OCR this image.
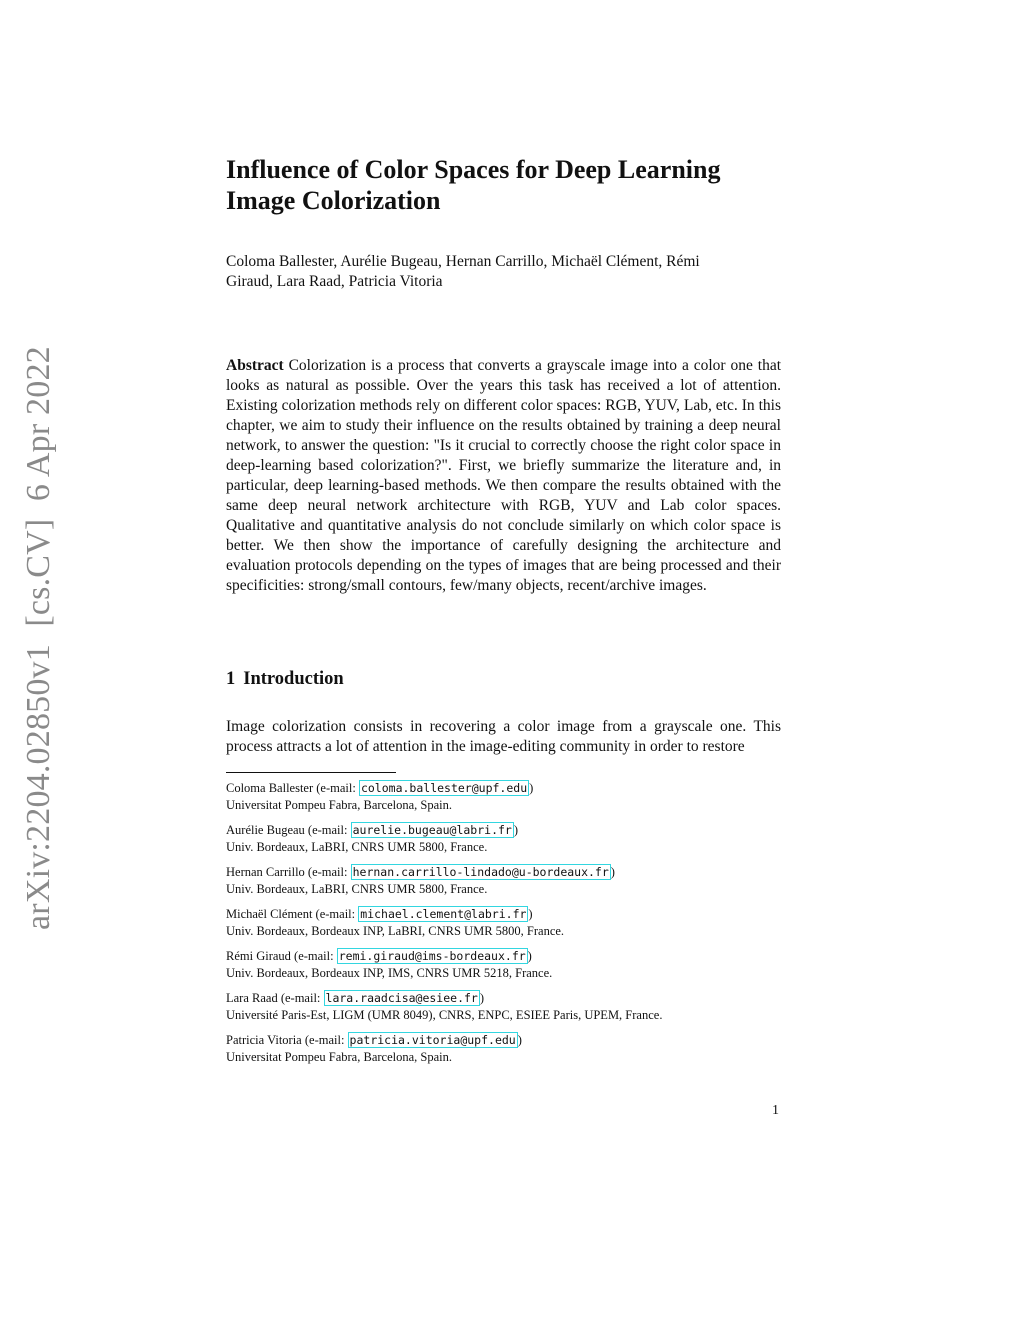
arXiv:2204.02850v1  [cs.CV]  6 Apr 2022
Influence of Color Spaces for Deep Learning
Image Colorization
Coloma Ballester, Aurélie Bugeau, Hernan Carrillo, Michaël Clément, Rémi
Giraud, Lara Raad, Patricia Vitoria
Abstract Colorization is a process that converts a grayscale image into a color one that looks as natural as possible. Over the years this task has received a lot of attention. Existing colorization methods rely on different color spaces: RGB, YUV, Lab, etc. In this chapter, we aim to study their influence on the results obtained by training a deep neural network, to answer the question: "Is it crucial to correctly choose the right color space in deep-learning based colorization?". First, we briefly summarize the literature and, in particular, deep learning-based methods. We then compare the results obtained with the same deep neural network architecture with RGB, YUV and Lab color spaces. Qualitative and quantitative analysis do not conclude similarly on which color space is better. We then show the importance of carefully designing the architecture and evaluation protocols depending on the types of images that are being processed and their specificities: strong/small contours, few/many objects, recent/archive images.
1 Introduction
Image colorization consists in recovering a color image from a grayscale one. This process attracts a lot of attention in the image-editing community in order to restore
Coloma Ballester (e-mail: coloma.ballester@upf.edu )
Universitat Pompeu Fabra, Barcelona, Spain.
Aurélie Bugeau (e-mail: aurelie.bugeau@labri.fr )
Univ. Bordeaux, LaBRI, CNRS UMR 5800, France.
Hernan Carrillo (e-mail: hernan.carrillo-lindado@u-bordeaux.fr )
Univ. Bordeaux, LaBRI, CNRS UMR 5800, France.
Michaël Clément (e-mail: michael.clement@labri.fr )
Univ. Bordeaux, Bordeaux INP, LaBRI, CNRS UMR 5800, France.
Rémi Giraud (e-mail: remi.giraud@ims-bordeaux.fr )
Univ. Bordeaux, Bordeaux INP, IMS, CNRS UMR 5218, France.
Lara Raad (e-mail: lara.raadcisa@esiee.fr )
Université Paris-Est, LIGM (UMR 8049), CNRS, ENPC, ESIEE Paris, UPEM, France.
Patricia Vitoria (e-mail: patricia.vitoria@upf.edu )
Universitat Pompeu Fabra, Barcelona, Spain.
1
